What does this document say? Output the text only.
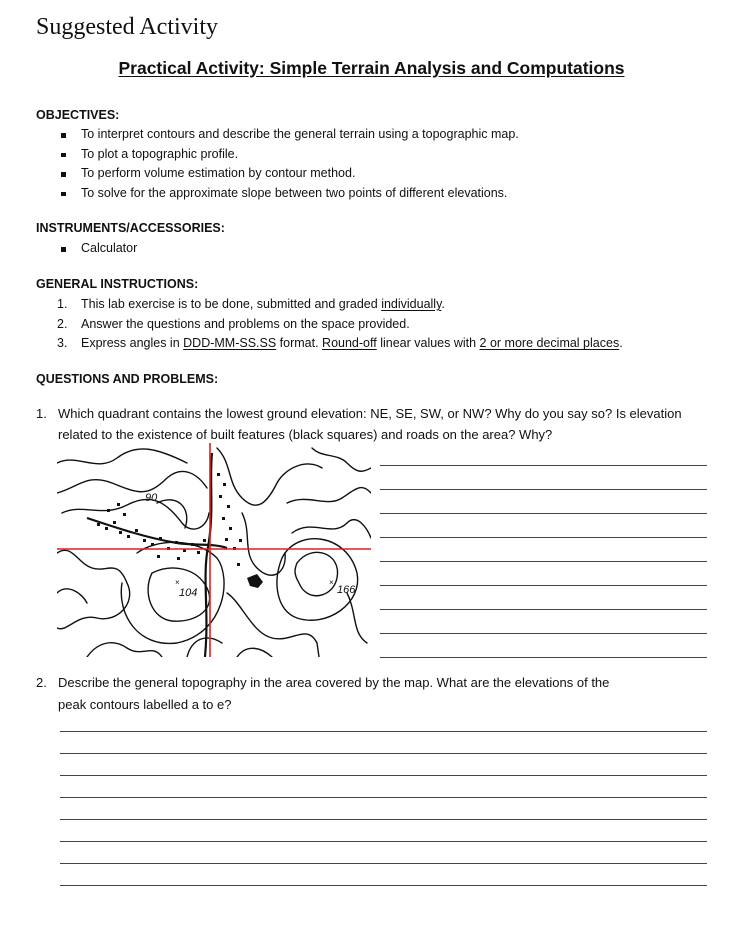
Suggested Activity
Practical Activity: Simple Terrain Analysis and Computations
OBJECTIVES:
To interpret contours and describe the general terrain using a topographic map.
To plot a topographic profile.
To perform volume estimation by contour method.
To solve for the approximate slope between two points of different elevations.
INSTRUMENTS/ACCESSORIES:
Calculator
GENERAL INSTRUCTIONS:
1. This lab exercise is to be done, submitted and graded individually.
2. Answer the questions and problems on the space provided.
3. Express angles in DDD-MM-SS.SS format. Round-off linear values with 2 or more decimal places.
QUESTIONS AND PROBLEMS:
1. Which quadrant contains the lowest ground elevation: NE, SE, SW, or NW? Why do you say so? Is elevation
related to the existence of built features (black squares) and roads on the area? Why?
90
104	166
×	×
2. Describe the general topography in the area covered by the map. What are the elevations of the
peak contours labelled a to e?
